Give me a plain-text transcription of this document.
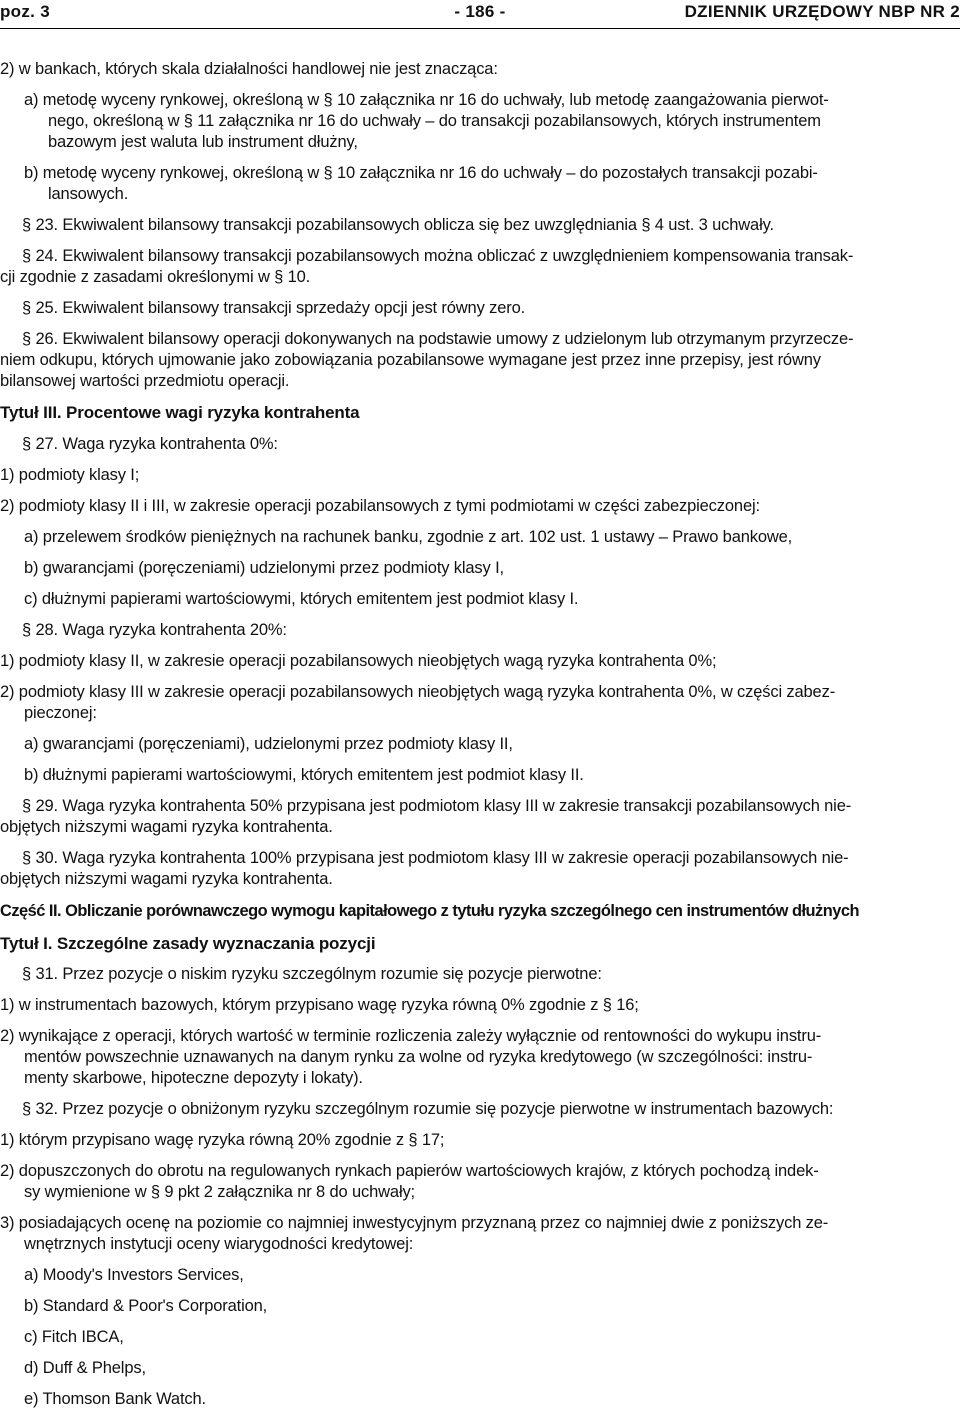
poz. 3	- 186 -	DZIENNIK URZĘDOWY NBP NR 2
2) w bankach, których skala działalności handlowej nie jest znacząca:
a) metodę wyceny rynkowej, określoną w § 10 załącznika nr 16 do uchwały, lub metodę zaangażowania pierwot-
nego, określoną w § 11 załącznika nr 16 do uchwały – do transakcji pozabilansowych, których instrumentem
bazowym jest waluta lub instrument dłużny,
b) metodę wyceny rynkowej, określoną w § 10 załącznika nr 16 do uchwały – do pozostałych transakcji pozabi-
lansowych.
§ 23. Ekwiwalent bilansowy transakcji pozabilansowych oblicza się bez uwzględniania § 4 ust. 3 uchwały.
§ 24. Ekwiwalent bilansowy transakcji pozabilansowych można obliczać z uwzględnieniem kompensowania transak-
cji zgodnie z zasadami określonymi w § 10.
§ 25. Ekwiwalent bilansowy transakcji sprzedaży opcji jest równy zero.
§ 26. Ekwiwalent bilansowy operacji dokonywanych na podstawie umowy z udzielonym lub otrzymanym przyrzecze-
niem odkupu, których ujmowanie jako zobowiązania pozabilansowe wymagane jest przez inne przepisy, jest równy
bilansowej wartości przedmiotu operacji.
Tytuł III. Procentowe wagi ryzyka kontrahenta
§ 27. Waga ryzyka kontrahenta 0%:
1) podmioty klasy I;
2) podmioty klasy II i III, w zakresie operacji pozabilansowych z tymi podmiotami w części zabezpieczonej:
a) przelewem środków pieniężnych na rachunek banku, zgodnie z art. 102 ust. 1 ustawy – Prawo bankowe,
b) gwarancjami (poręczeniami) udzielonymi przez podmioty klasy I,
c) dłużnymi papierami wartościowymi, których emitentem jest podmiot klasy I.
§ 28. Waga ryzyka kontrahenta 20%:
1) podmioty klasy II, w zakresie operacji pozabilansowych nieobjętych wagą ryzyka kontrahenta 0%;
2) podmioty klasy III w zakresie operacji pozabilansowych nieobjętych wagą ryzyka kontrahenta 0%, w części zabez-
pieczonej:
a) gwarancjami (poręczeniami), udzielonymi przez podmioty klasy II,
b) dłużnymi papierami wartościowymi, których emitentem jest podmiot klasy II.
§ 29. Waga ryzyka kontrahenta 50% przypisana jest podmiotom klasy III w zakresie transakcji pozabilansowych nie-
objętych niższymi wagami ryzyka kontrahenta.
§ 30. Waga ryzyka kontrahenta 100% przypisana jest podmiotom klasy III w zakresie operacji pozabilansowych nie-
objętych niższymi wagami ryzyka kontrahenta.
Część II. Obliczanie porównawczego wymogu kapitałowego z tytułu ryzyka szczególnego cen instrumentów dłużnych
Tytuł I. Szczególne zasady wyznaczania pozycji
§ 31. Przez pozycje o niskim ryzyku szczególnym rozumie się pozycje pierwotne:
1) w instrumentach bazowych, którym przypisano wagę ryzyka równą 0% zgodnie z § 16;
2) wynikające z operacji, których wartość w terminie rozliczenia zależy wyłącznie od rentowności do wykupu instru-
mentów powszechnie uznawanych na danym rynku za wolne od ryzyka kredytowego (w szczególności: instru-
menty skarbowe, hipoteczne depozyty i lokaty).
§ 32. Przez pozycje o obniżonym ryzyku szczególnym rozumie się pozycje pierwotne w instrumentach bazowych:
1) którym przypisano wagę ryzyka równą 20% zgodnie z § 17;
2) dopuszczonych do obrotu na regulowanych rynkach papierów wartościowych krajów, z których pochodzą indek-
sy wymienione w § 9 pkt 2 załącznika nr 8 do uchwały;
3) posiadających ocenę na poziomie co najmniej inwestycyjnym przyznaną przez co najmniej dwie z poniższych ze-
wnętrznych instytucji oceny wiarygodności kredytowej:
a) Moody's Investors Services,
b) Standard & Poor's Corporation,
c) Fitch IBCA,
d) Duff & Phelps,
e) Thomson Bank Watch.
